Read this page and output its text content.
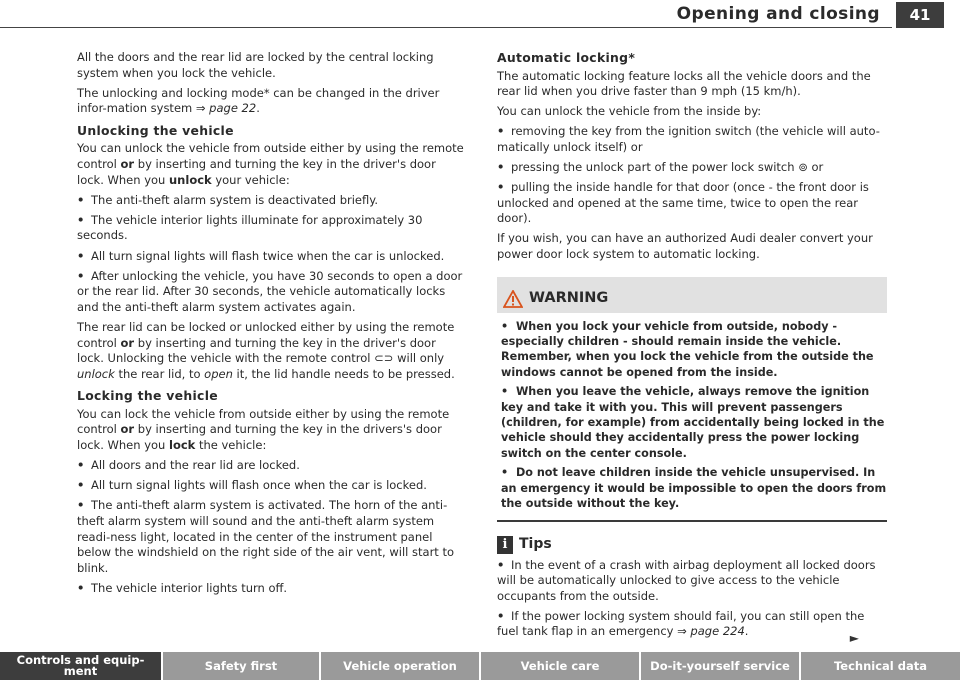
Opening and closing	41

All the doors and the rear lid are locked by the central locking system when you lock the vehicle.

The unlocking and locking mode* can be changed in the driver infor-mation system ⇒ page 22.

Unlocking the vehicle

You can unlock the vehicle from outside either by using the remote control or by inserting and turning the key in the driver's door lock. When you unlock your vehicle:

• The anti-theft alarm system is deactivated briefly.

• The vehicle interior lights illuminate for approximately 30 seconds.

• All turn signal lights will flash twice when the car is unlocked.

• After unlocking the vehicle, you have 30 seconds to open a door or the rear lid. After 30 seconds, the vehicle automatically locks and the anti-theft alarm system activates again.

The rear lid can be locked or unlocked either by using the remote control or by inserting and turning the key in the driver's door lock. Unlocking the vehicle with the remote control ⊂⊃ will only unlock the rear lid, to open it, the lid handle needs to be pressed.

Locking the vehicle

You can lock the vehicle from outside either by using the remote control or by inserting and turning the key in the drivers's door lock. When you lock the vehicle:

• All doors and the rear lid are locked.

• All turn signal lights will flash once when the car is locked.

• The anti-theft alarm system is activated. The horn of the anti-theft alarm system will sound and the anti-theft alarm system readi-ness light, located in the center of the instrument panel below the windshield on the right side of the air vent, will start to blink.

• The vehicle interior lights turn off.

Automatic locking*

The automatic locking feature locks all the vehicle doors and the rear lid when you drive faster than 9 mph (15 km/h).

You can unlock the vehicle from the inside by:

• removing the key from the ignition switch (the vehicle will auto-matically unlock itself) or

• pressing the unlock part of the power lock switch ⊚ or

• pulling the inside handle for that door (once - the front door is unlocked and opened at the same time, twice to open the rear door).

If you wish, you can have an authorized Audi dealer convert your power door lock system to automatic locking.

WARNING

•  When you lock your vehicle from outside, nobody - especially children - should remain inside the vehicle. Remember, when you lock the vehicle from the outside the windows cannot be opened from the inside.

•  When you leave the vehicle, always remove the ignition key and take it with you. This will prevent passengers (children, for example) from accidentally being locked in the vehicle should they accidentally press the power locking switch on the center console.

•  Do not leave children inside the vehicle unsupervised. In an emergency it would be impossible to open the doors from the outside without the key.

i Tips

• In the event of a crash with airbag deployment all locked doors will be automatically unlocked to give access to the vehicle occupants from the outside.

• If the power locking system should fail, you can still open the fuel tank flap in an emergency ⇒ page 224.	►
Controls and equip-ment	Safety first	Vehicle operation	Vehicle care	Do-it-yourself service	Technical data
